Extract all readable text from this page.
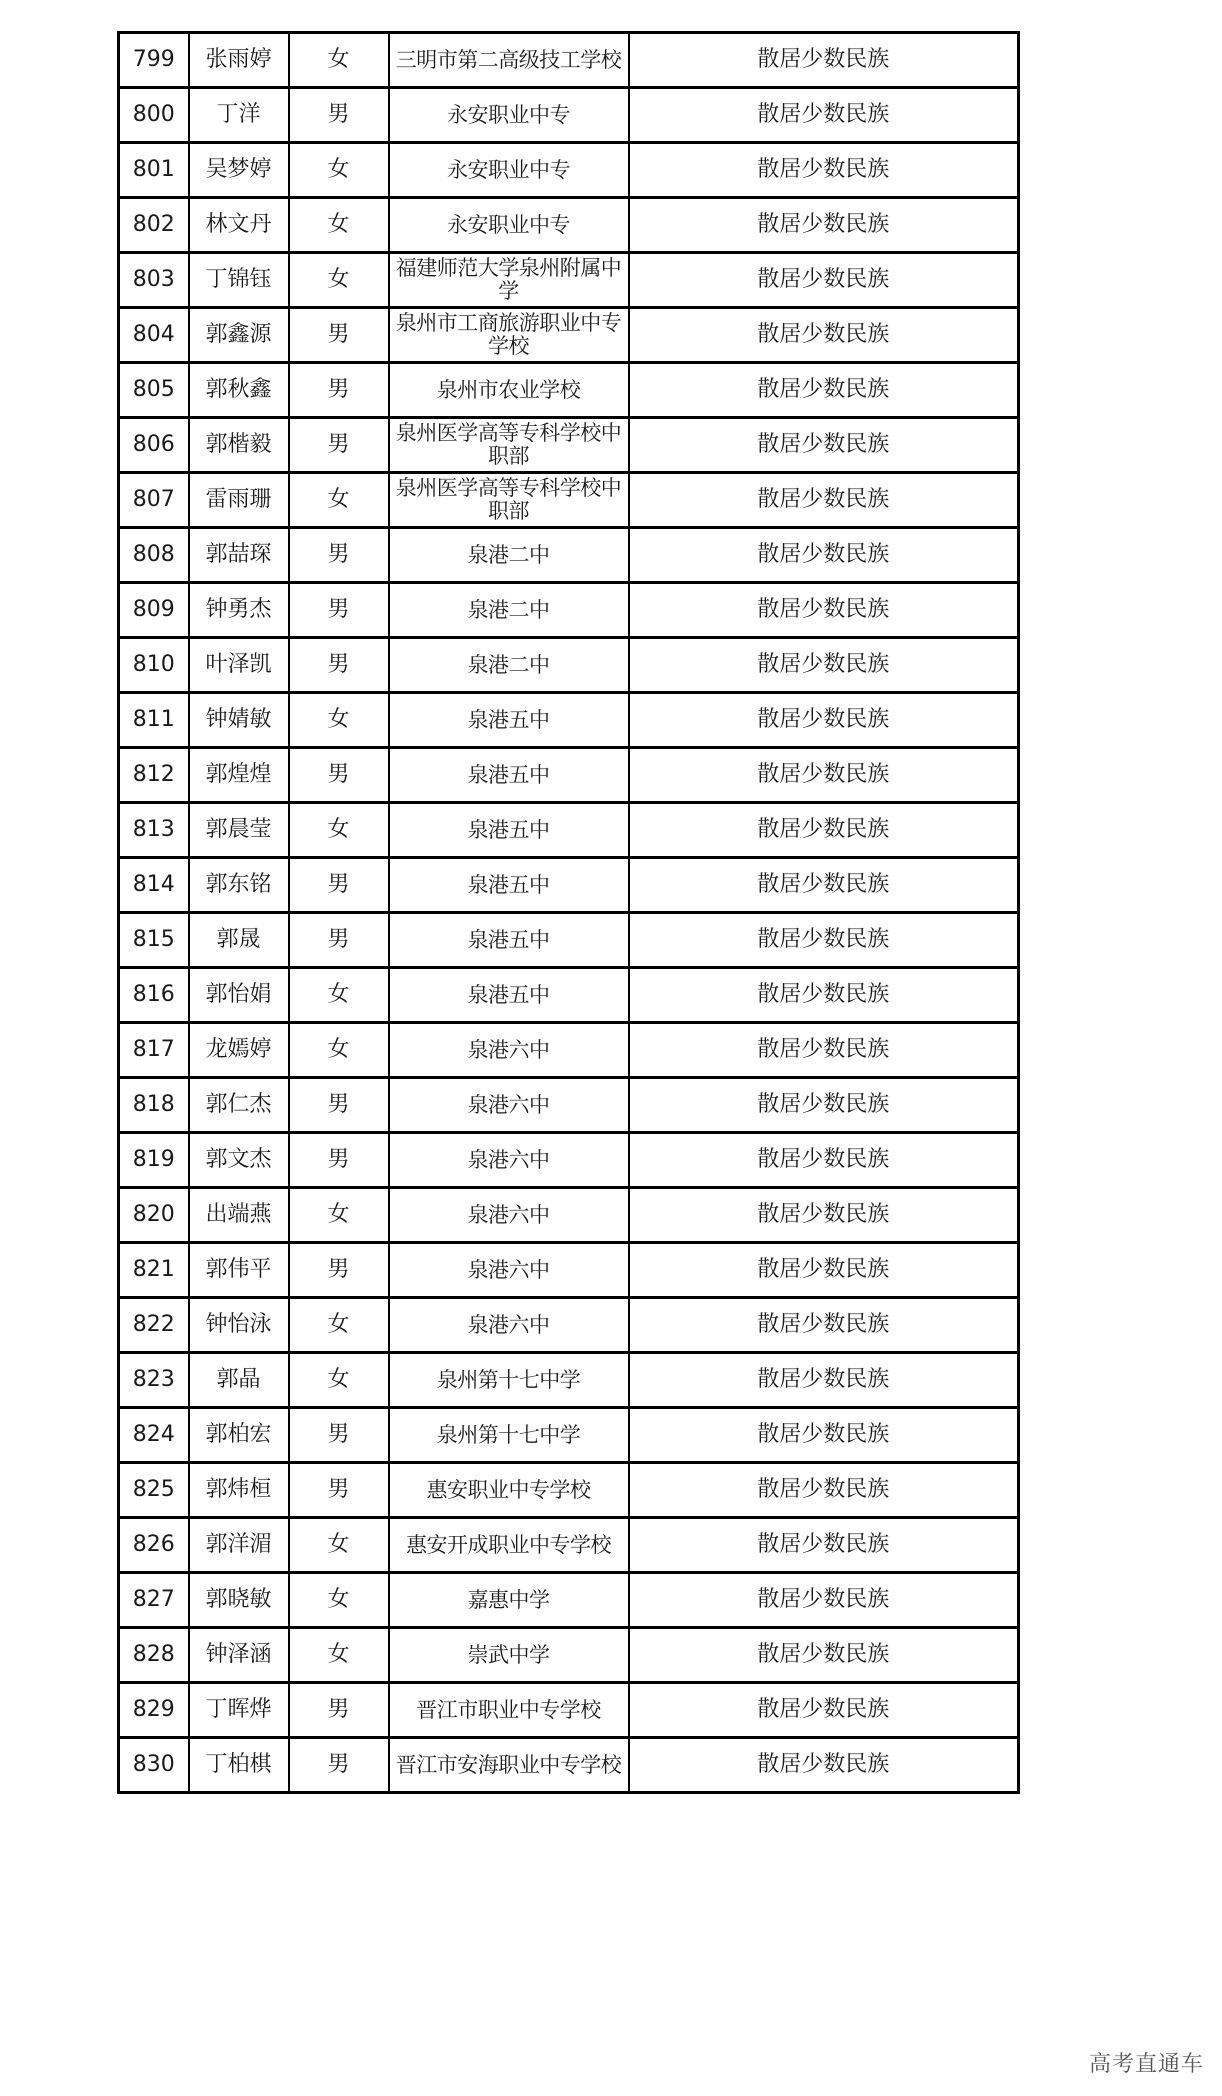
799	张雨婷	女	三明市第二高级技工学校	散居少数民族
800	丁洋	男	永安职业中专	散居少数民族
801	吴梦婷	女	永安职业中专	散居少数民族
802	林文丹	女	永安职业中专	散居少数民族
803	丁锦钰	女	福建师范大学泉州附属中学	散居少数民族
804	郭鑫源	男	泉州市工商旅游职业中专学校	散居少数民族
805	郭秋鑫	男	泉州市农业学校	散居少数民族
806	郭楷毅	男	泉州医学高等专科学校中职部	散居少数民族
807	雷雨珊	女	泉州医学高等专科学校中职部	散居少数民族
808	郭喆琛	男	泉港二中	散居少数民族
809	钟勇杰	男	泉港二中	散居少数民族
810	叶泽凯	男	泉港二中	散居少数民族
811	钟婧敏	女	泉港五中	散居少数民族
812	郭煌煌	男	泉港五中	散居少数民族
813	郭晨莹	女	泉港五中	散居少数民族
814	郭东铭	男	泉港五中	散居少数民族
815	郭晟	男	泉港五中	散居少数民族
816	郭怡娟	女	泉港五中	散居少数民族
817	龙嫣婷	女	泉港六中	散居少数民族
818	郭仁杰	男	泉港六中	散居少数民族
819	郭文杰	男	泉港六中	散居少数民族
820	出端燕	女	泉港六中	散居少数民族
821	郭伟平	男	泉港六中	散居少数民族
822	钟怡泳	女	泉港六中	散居少数民族
823	郭晶	女	泉州第十七中学	散居少数民族
824	郭柏宏	男	泉州第十七中学	散居少数民族
825	郭炜桓	男	惠安职业中专学校	散居少数民族
826	郭洋湄	女	惠安开成职业中专学校	散居少数民族
827	郭晓敏	女	嘉惠中学	散居少数民族
828	钟泽涵	女	崇武中学	散居少数民族
829	丁晖烨	男	晋江市职业中专学校	散居少数民族
830	丁柏棋	男	晋江市安海职业中专学校	散居少数民族
高考直通车
